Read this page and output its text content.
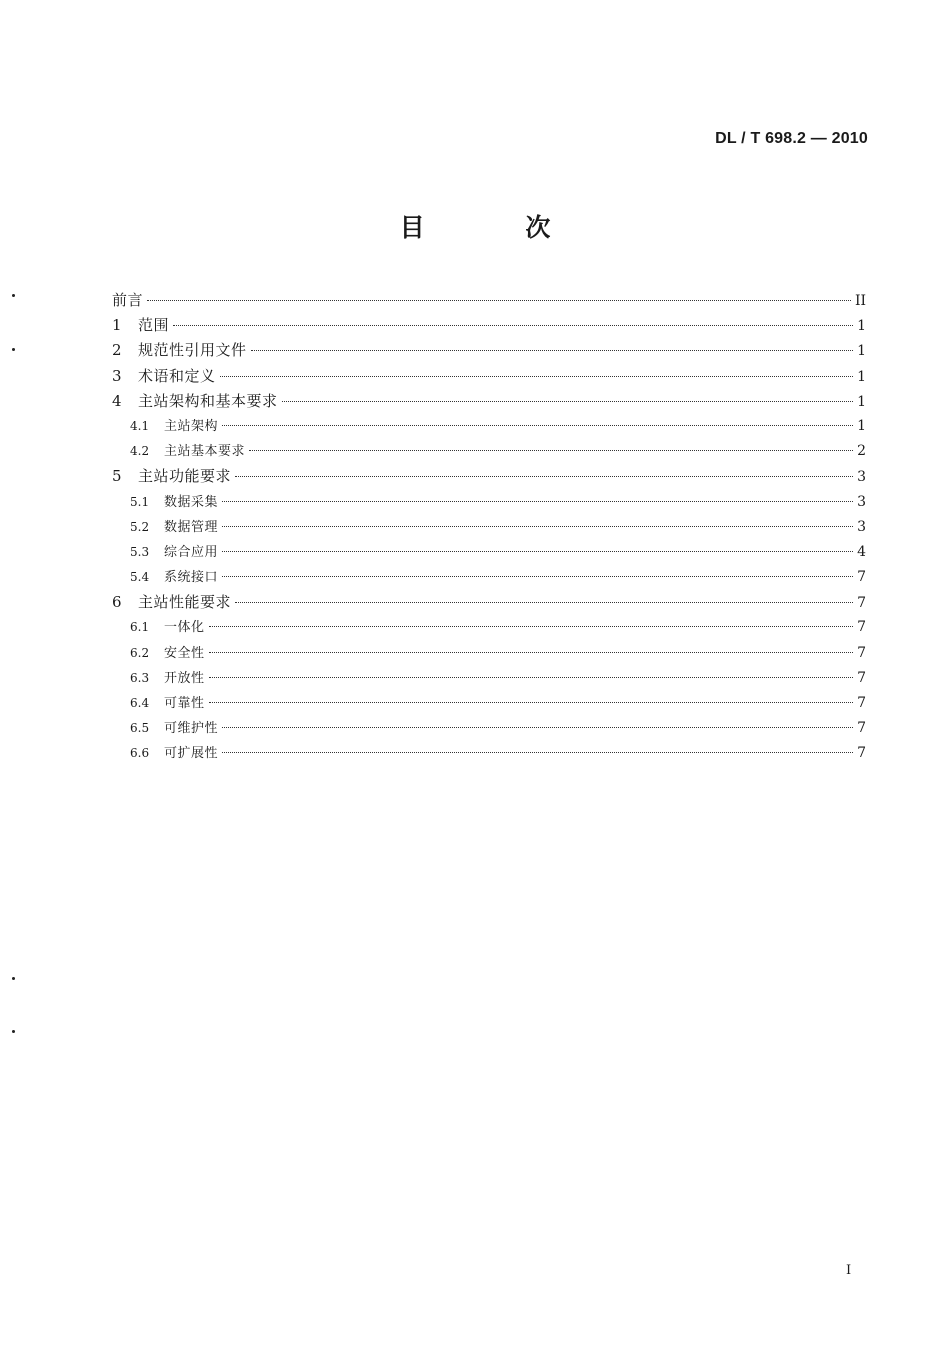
DL / T 698.2 — 2010
目 次
前言	II
1	范围	1
2	规范性引用文件	1
3	术语和定义	1
4	主站架构和基本要求	1
4.1	主站架构	1
4.2	主站基本要求	2
5	主站功能要求	3
5.1	数据采集	3
5.2	数据管理	3
5.3	综合应用	4
5.4	系统接口	7
6	主站性能要求	7
6.1	一体化	7
6.2	安全性	7
6.3	开放性	7
6.4	可靠性	7
6.5	可维护性	7
6.6	可扩展性	7
I
